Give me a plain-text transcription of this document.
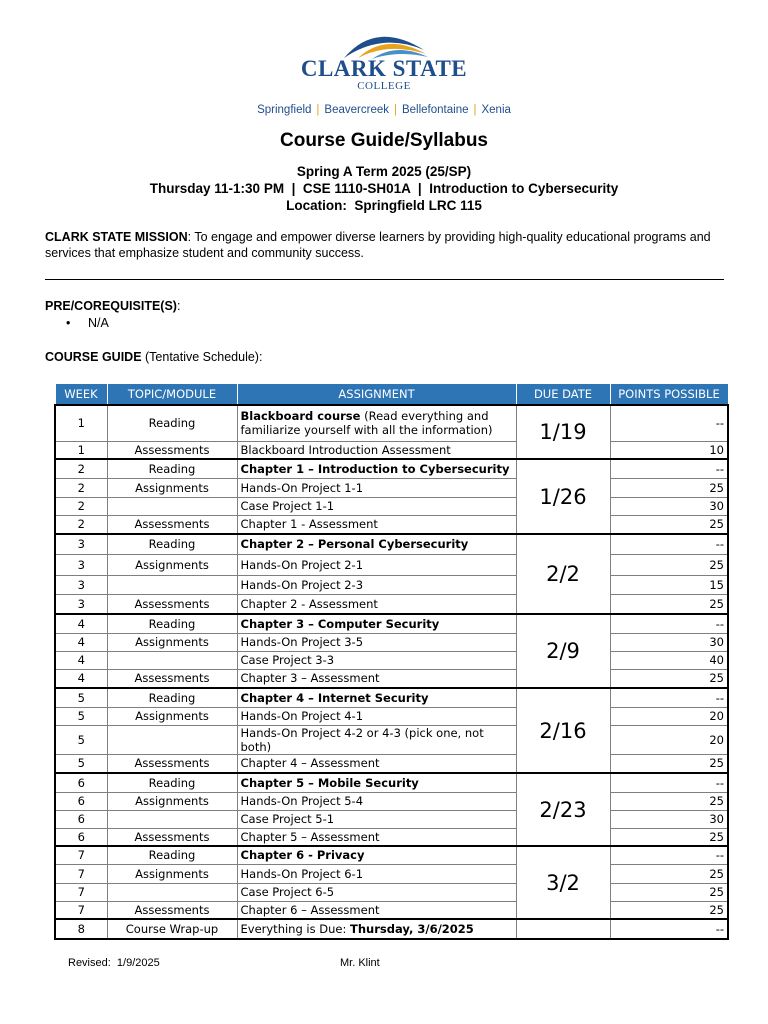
CLARK STATE
COLLEGE
Springfield | Beavercreek | Bellefontaine | Xenia
Course Guide/Syllabus
Spring A Term 2025 (25/SP)
Thursday 11-1:30 PM  |  CSE 1110-SH01A  |  Introduction to Cybersecurity
Location:  Springfield LRC 115
CLARK STATE MISSION: To engage and empower diverse learners by providing high-quality educational programs and services that emphasize student and community success.
PRE/COREQUISITE(S):
• N/A
COURSE GUIDE (Tentative Schedule):
WEEK	TOPIC/MODULE	ASSIGNMENT	DUE DATE	POINTS POSSIBLE
1	Reading	Blackboard course (Read everything and familiarize yourself with all the information)	1/19	--
1	Assessments	Blackboard Introduction Assessment		10
2	Reading	Chapter 1 – Introduction to Cybersecurity	1/26	--
2	Assignments	Hands-On Project 1-1		25
2		Case Project 1-1		30
2	Assessments	Chapter 1 - Assessment		25
3	Reading	Chapter 2 – Personal Cybersecurity	2/2	--
3	Assignments	Hands-On Project 2-1		25
3		Hands-On Project 2-3		15
3	Assessments	Chapter 2 - Assessment		25
4	Reading	Chapter 3 – Computer Security	2/9	--
4	Assignments	Hands-On Project 3-5		30
4		Case Project 3-3		40
4	Assessments	Chapter 3 – Assessment		25
5	Reading	Chapter 4 – Internet Security	2/16	--
5	Assignments	Hands-On Project 4-1		20
5		Hands-On Project 4-2 or 4-3 (pick one, not both)		20
5	Assessments	Chapter 4 – Assessment		25
6	Reading	Chapter 5 – Mobile Security	2/23	--
6	Assignments	Hands-On Project 5-4		25
6		Case Project 5-1		30
6	Assessments	Chapter 5 – Assessment		25
7	Reading	Chapter 6 - Privacy	3/2	--
7	Assignments	Hands-On Project 6-1		25
7		Case Project 6-5		25
7	Assessments	Chapter 6 – Assessment		25
8	Course Wrap-up	Everything is Due: Thursday, 3/6/2025		--
Revised:  1/9/2025	Mr. Klint
